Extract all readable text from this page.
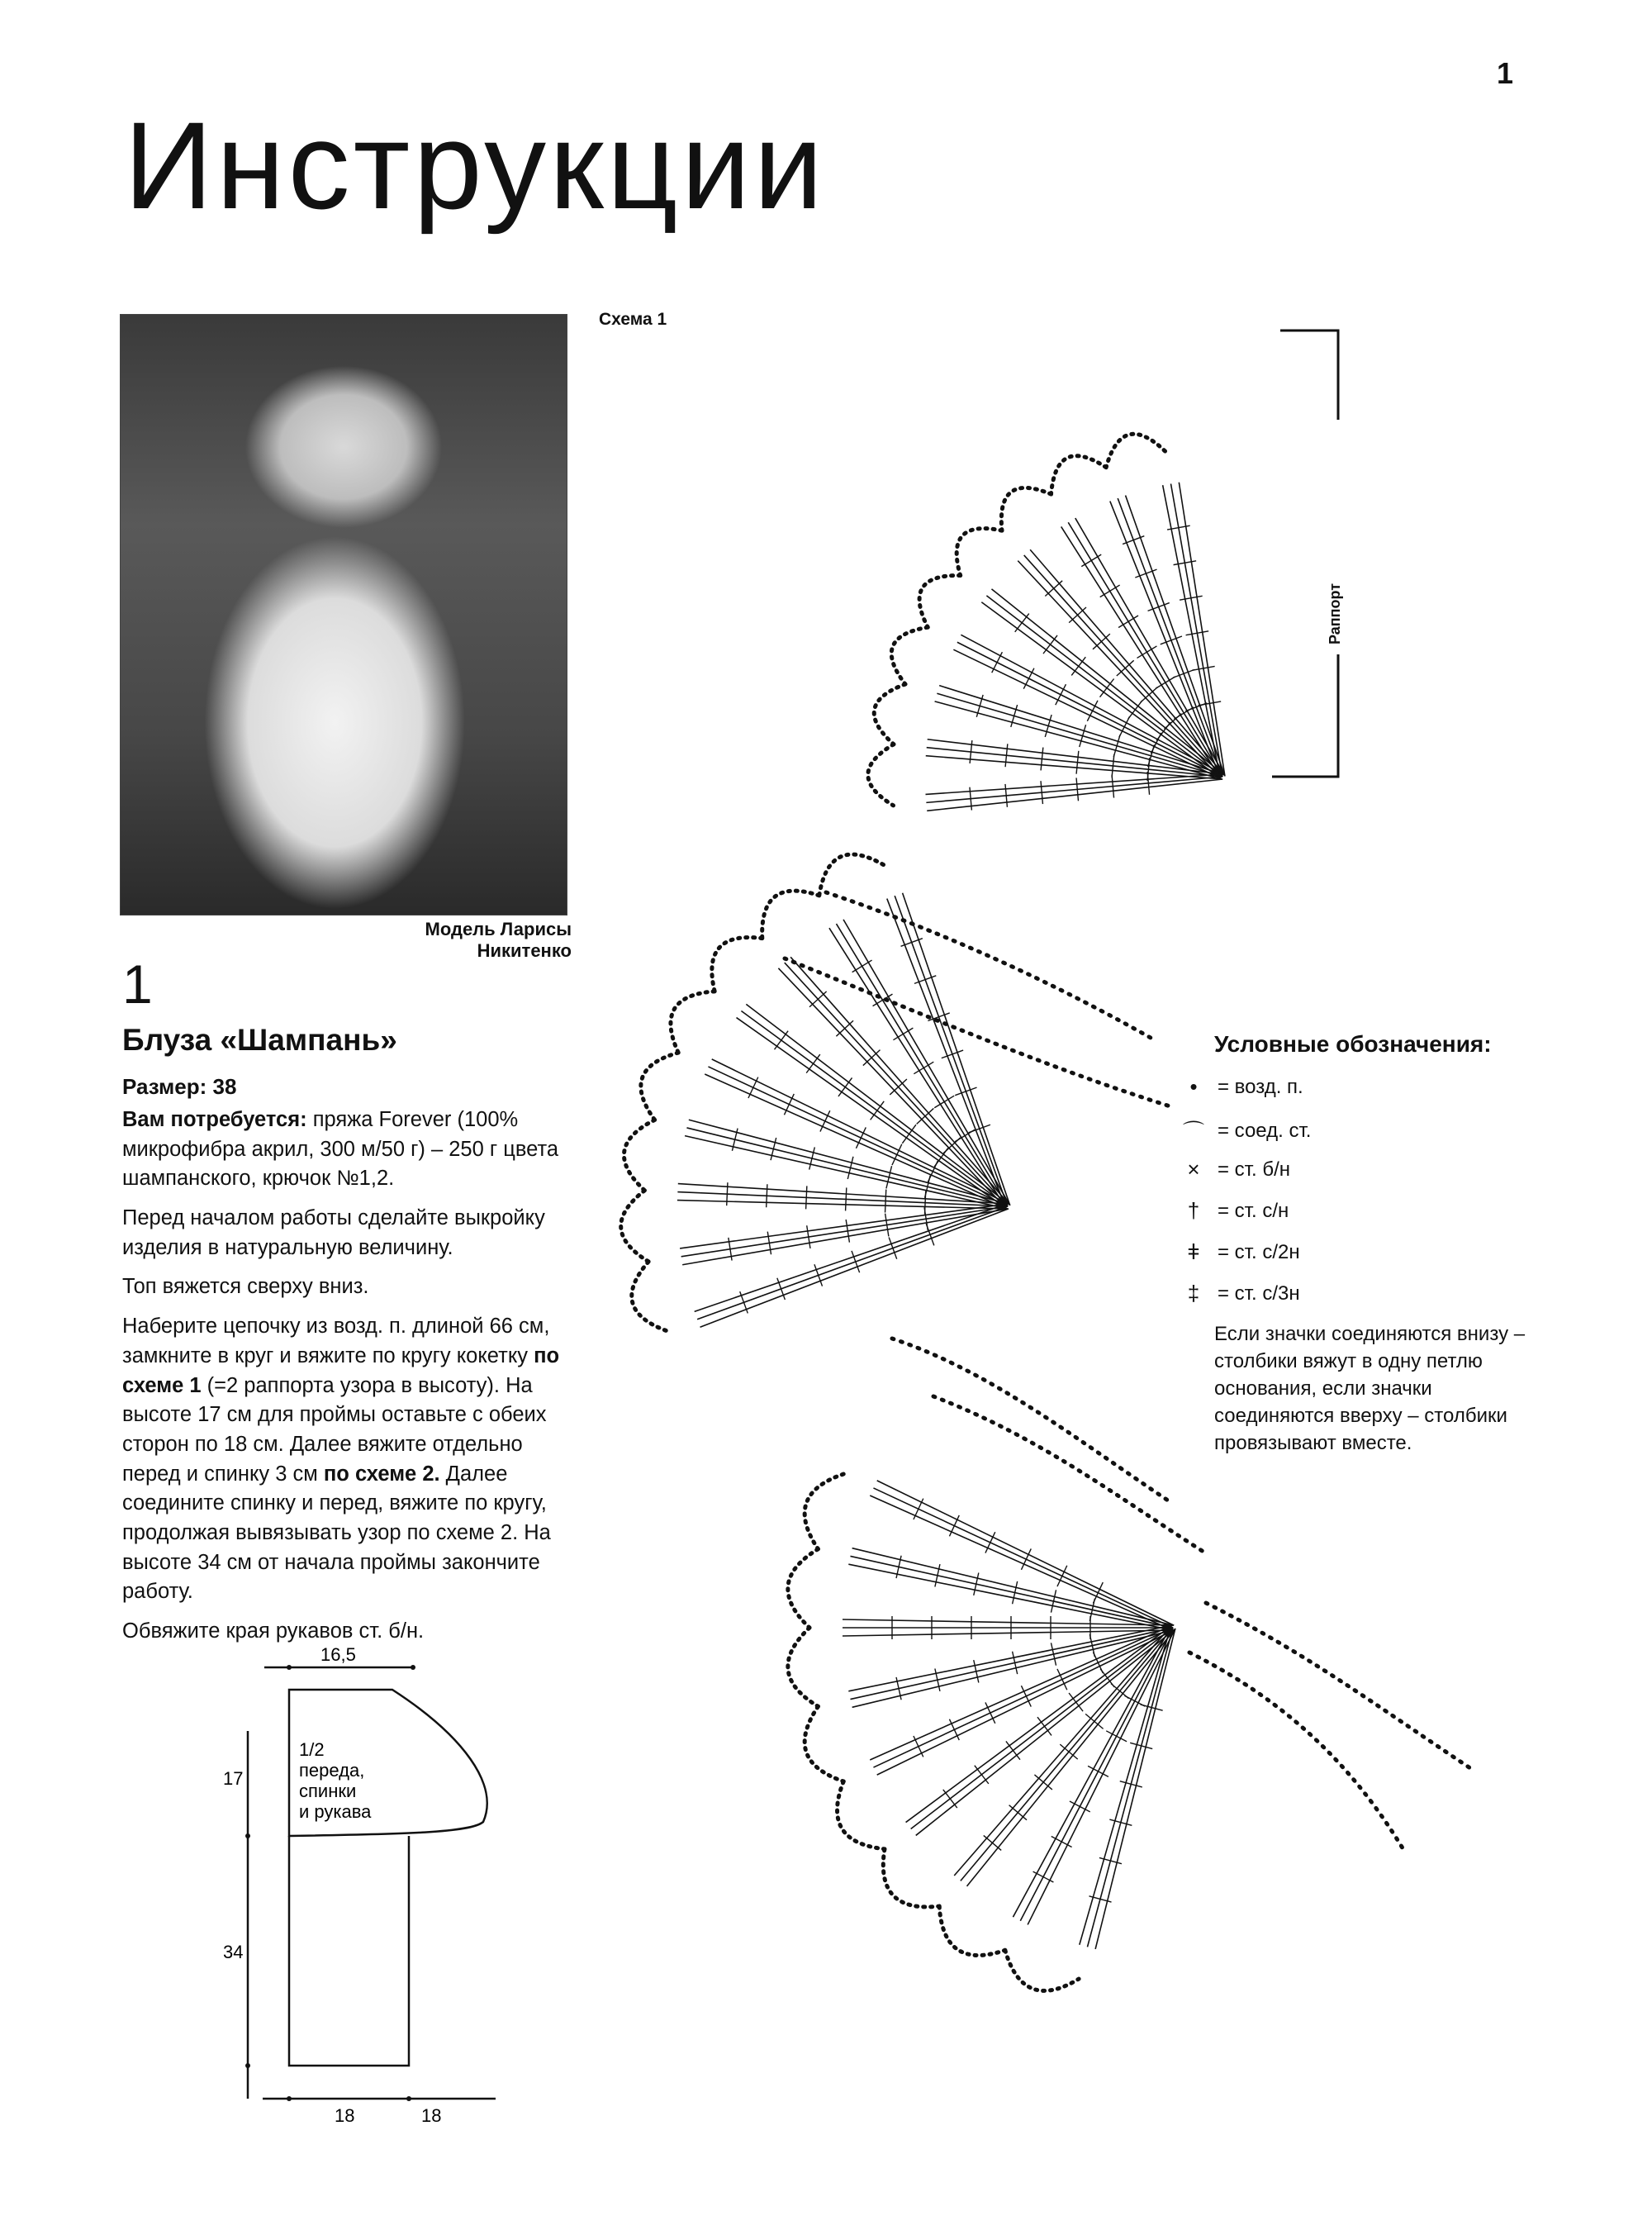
1
Инструкции
Модель Ларисы Никитенко
Схема 1
Раппорт
1
Блуза «Шампань»
Размер: 38

Вам потребуется: пряжа Forever (100% микрофибра акрил, 300 м/50 г) – 250 г цвета шампанского, крючок №1,2.

Перед началом работы сделайте выкройку изделия в натуральную величину.

Топ вяжется сверху вниз.

Наберите цепочку из возд. п. длиной 66 см, замкните в круг и вяжите по кругу кокетку по схеме 1 (=2 раппорта узора в высоту). На высоте 17 см для проймы оставьте с обеих сторон по 18 см. Далее вяжите отдельно перед и спинку 3 см по схеме 2. Далее соедините спинку и перед, вяжите по кругу, продолжая вывязывать узор по схеме 2. На высоте 34 см от начала проймы закончите работу.

Обвяжите края рукавов ст. б/н.

16,5
17
34
18	18
1/2
переда,
спинки
и рукава
Условные обозначения:
•	= возд. п.
⌒ = соед. ст.
× = ст. б/н
† = ст. с/н
ǂ = ст. с/2н
‡ = ст. с/3н
Если значки соединяются внизу – столбики вяжут в одну петлю основания, если значки соединяются вверху – столбики провязывают вместе.
